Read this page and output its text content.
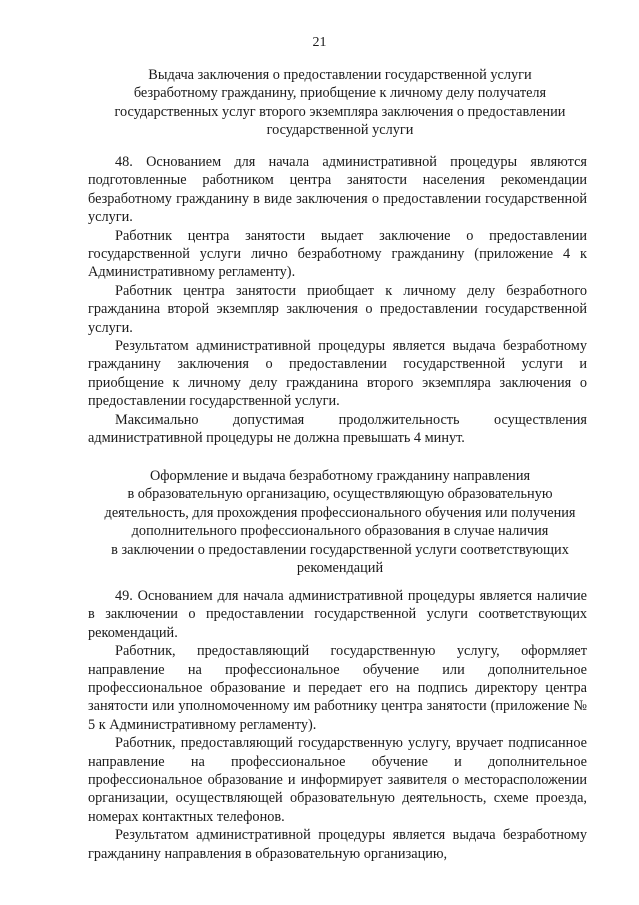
21
Выдача заключения о предоставлении государственной услуги
безработному гражданину, приобщение к личному делу получателя
государственных услуг второго экземпляра заключения о предоставлении
государственной услуги

48. Основанием для начала административной процедуры являются подготовленные работником центра занятости населения рекомендации безработному гражданину в виде заключения о предоставлении государственной услуги.

Работник центра занятости выдает заключение о предоставлении государственной услуги лично безработному гражданину (приложение 4 к Административному регламенту).

Работник центра занятости приобщает к личному делу безработного гражданина второй экземпляр заключения о предоставлении государственной услуги.

Результатом административной процедуры является выдача безработному гражданину заключения о предоставлении государственной услуги и приобщение к личному делу гражданина второго экземпляра заключения о предоставлении государственной услуги.

Максимально допустимая продолжительность осуществления административной процедуры не должна превышать 4 минут.

Оформление и выдача безработному гражданину направления
в образовательную организацию, осуществляющую образовательную
деятельность, для прохождения профессионального обучения или получения
дополнительного профессионального образования в случае наличия
в заключении о предоставлении государственной услуги соответствующих
рекомендаций

49. Основанием для начала административной процедуры является наличие в заключении о предоставлении государственной услуги соответствующих рекомендаций.

Работник, предоставляющий государственную услугу, оформляет направление на профессиональное обучение или дополнительное профессиональное образование и передает его на подпись директору центра занятости или уполномоченному им работнику центра занятости (приложение № 5 к Административному регламенту).

Работник, предоставляющий государственную услугу, вручает подписанное направление на профессиональное обучение и дополнительное профессиональное образование и информирует заявителя о месторасположении организации, осуществляющей образовательную деятельность, схеме проезда, номерах контактных телефонов.

Результатом административной процедуры является выдача безработному гражданину направления в образовательную организацию,
